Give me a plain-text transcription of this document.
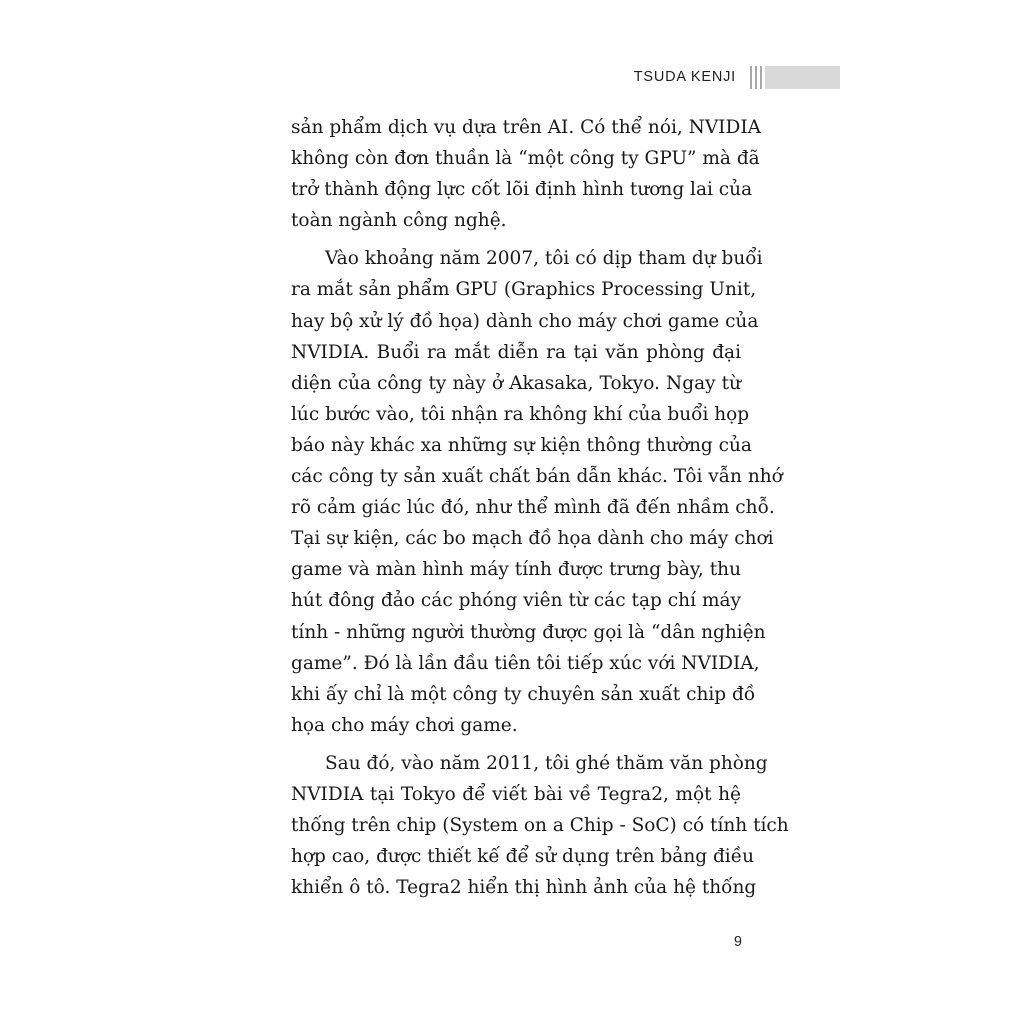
TSUDA KENJI

sản phẩm dịch vụ dựa trên AI. Có thể nói, NVIDIA
không còn đơn thuần là “một công ty GPU” mà đã
trở thành động lực cốt lõi định hình tương lai của
toàn ngành công nghệ.

Vào khoảng năm 2007, tôi có dịp tham dự buổi
ra mắt sản phẩm GPU (Graphics Processing Unit,
hay bộ xử lý đồ họa) dành cho máy chơi game của
NVIDIA. Buổi ra mắt diễn ra tại văn phòng đại
diện của công ty này ở Akasaka, Tokyo. Ngay từ
lúc bước vào, tôi nhận ra không khí của buổi họp
báo này khác xa những sự kiện thông thường của
các công ty sản xuất chất bán dẫn khác. Tôi vẫn nhớ
rõ cảm giác lúc đó, như thể mình đã đến nhầm chỗ.
Tại sự kiện, các bo mạch đồ họa dành cho máy chơi
game và màn hình máy tính được trưng bày, thu
hút đông đảo các phóng viên từ các tạp chí máy
tính - những người thường được gọi là “dân nghiện
game”. Đó là lần đầu tiên tôi tiếp xúc với NVIDIA,
khi ấy chỉ là một công ty chuyên sản xuất chip đồ
họa cho máy chơi game.

Sau đó, vào năm 2011, tôi ghé thăm văn phòng
NVIDIA tại Tokyo để viết bài về Tegra2, một hệ
thống trên chip (System on a Chip - SoC) có tính tích
hợp cao, được thiết kế để sử dụng trên bảng điều
khiển ô tô. Tegra2 hiển thị hình ảnh của hệ thống

9
